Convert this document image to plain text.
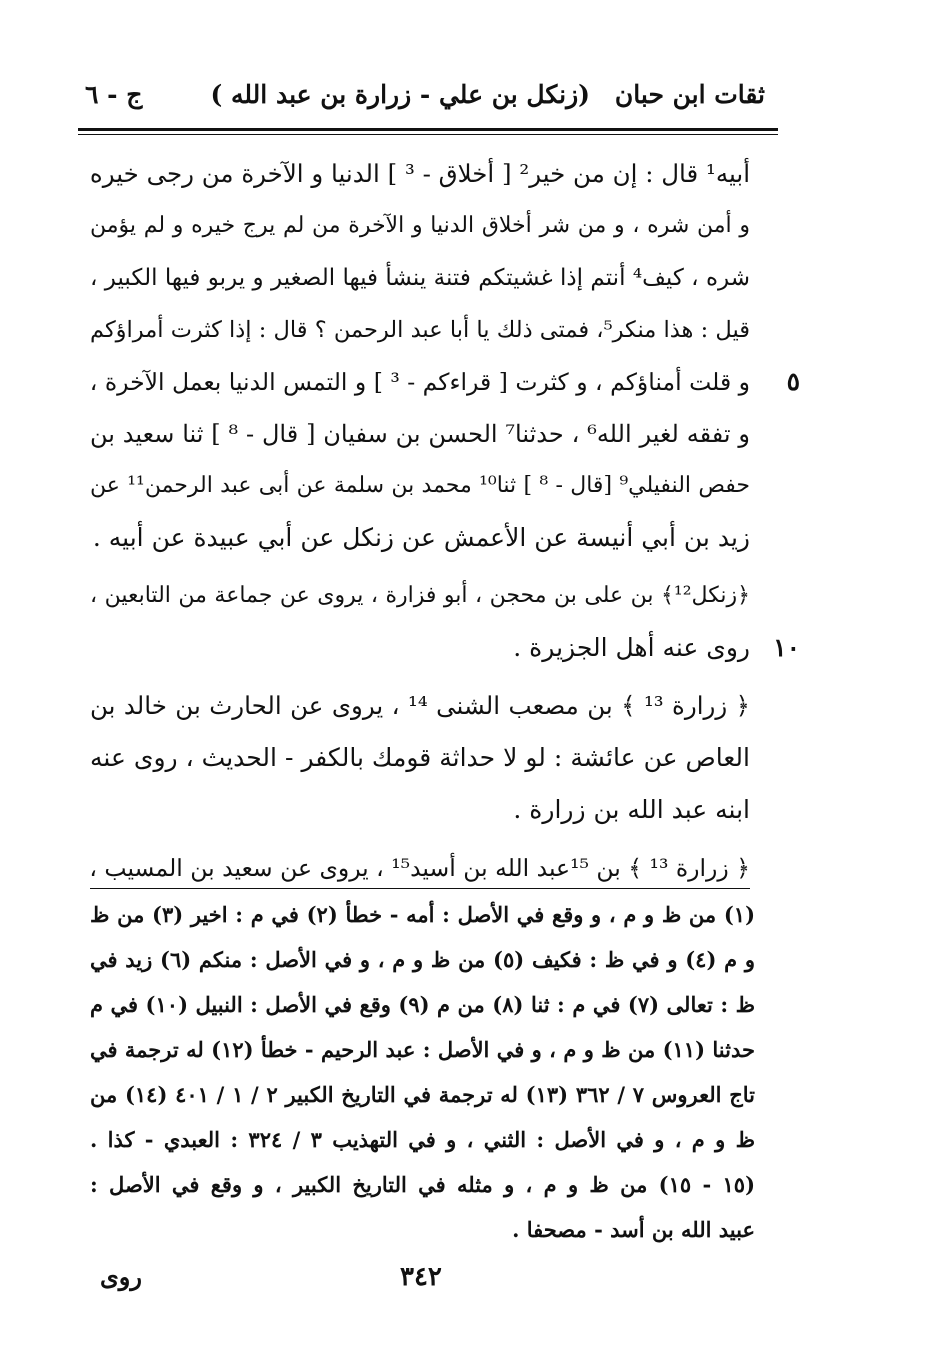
ثقات ابن حبان
(زنكل بن علي - زرارة بن عبد الله )
ج - ٦
أبيه¹ قال : إن من خير² [ أخلاق - ³ ] الدنيا و الآخرة من رجى خيره
و أمن شره ، و من شر أخلاق الدنيا و الآخرة من لم يرج خيره و لم يؤمن
شره ، كيف⁴ أنتم إذا غشيتكم فتنة ينشأ فيها الصغير و يربو فيها الكبير ،
قيل : هذا منكر⁵، فمتى ذلك يا أبا عبد الرحمن ؟ قال : إذا كثرت أمراؤكم
و قلت أمناؤكم ، و كثرت [ قراءكم - ³ ] و التمس الدنيا بعمل الآخرة ، ٥
و تفقه لغير الله⁶ ، حدثنا⁷ الحسن بن سفيان [ قال - ⁸ ] ثنا سعيد بن
حفص النفيلي⁹ [قال - ⁸ ] ثنا¹⁰ محمد بن سلمة عن أبى عبد الرحمن¹¹ عن
زيد بن أبي أنيسة عن الأعمش عن زنكل عن أبي عبيدة عن أبيه .
﴿زنكل¹²﴾ بن على بن محجن ، أبو فزارة ، يروى عن جماعة من التابعين ،
روى عنه أهل الجزيرة . ١٠
﴿ زرارة ¹³ ﴾ بن مصعب الشنى ¹⁴ ، يروى عن الحارث بن خالد بن
العاص عن عائشة : لو لا حداثة قومك بالكفر - الحديث ، روى عنه
ابنه عبد الله بن زرارة .
﴿ زرارة ¹³ ﴾ بن ¹⁵عبد الله بن أسيد¹⁵ ، يروى عن سعيد بن المسيب ،
(١) من ظ و م ، و وقع في الأصل : أمه - خطأ (٢) في م : اخير (٣) من ظ
و م (٤) و في ظ : فكيف (٥) من ظ و م ، و في الأصل : منكم (٦) زيد في
ظ : تعالى (٧) في م : ثنا (٨) من م (٩) وقع في الأصل : النبيل (١٠) في م
حدثنا (١١) من ظ و م ، و في الأصل : عبد الرحيم - خطأ (١٢) له ترجمة في
تاج العروس ٧ / ٣٦٢ (١٣) له ترجمة في التاريخ الكبير ٢ / ١ / ٤٠١ (١٤) من
ظ و م ، و في الأصل : الثني ، و في التهذيب ٣ / ٣٢٤ : العبدي - كذا .
(١٥ - ١٥) من ظ و م ، و مثله في التاريخ الكبير ، و وقع في الأصل :
عبيد الله بن أسد - مصحفا .
٣٤٢
روى
